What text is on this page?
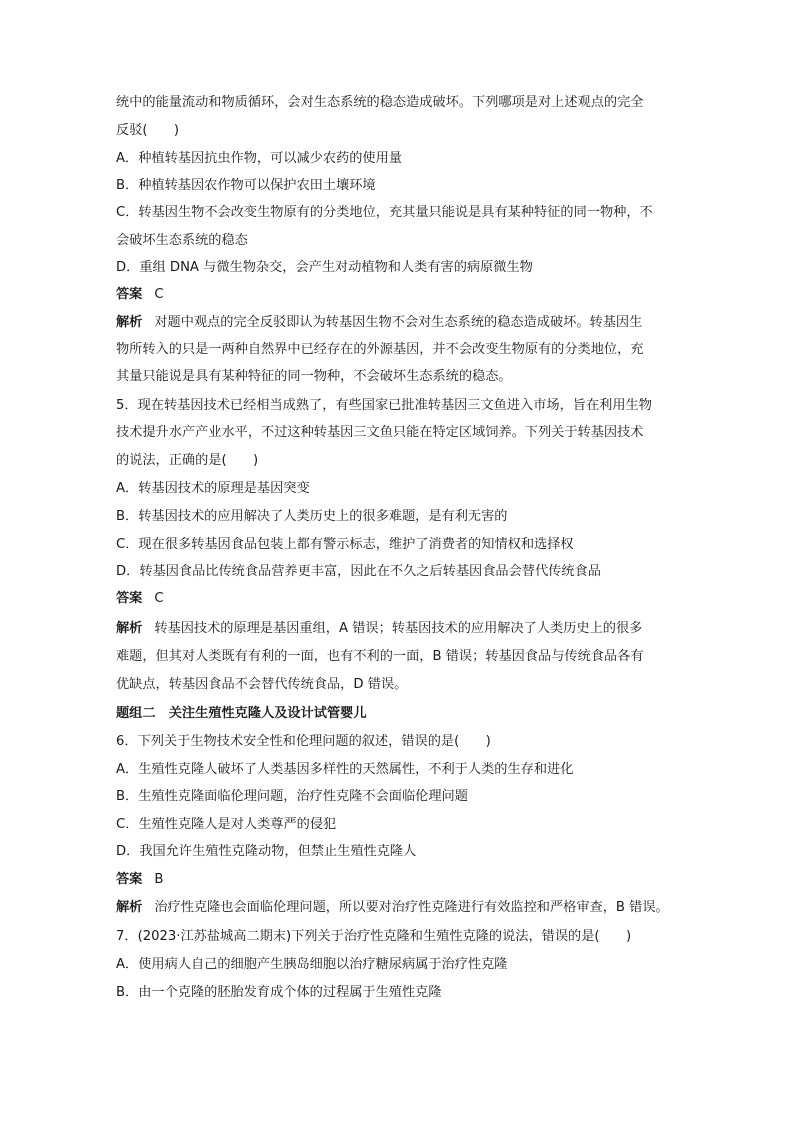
统中的能量流动和物质循环，会对生态系统的稳态造成破坏。下列哪项是对上述观点的完全
反驳(　　)
A．种植转基因抗虫作物，可以减少农药的使用量
B．种植转基因农作物可以保护农田土壤环境
C．转基因生物不会改变生物原有的分类地位，充其量只能说是具有某种特征的同一物种，不
会破坏生态系统的稳态
D．重组 DNA 与微生物杂交，会产生对动植物和人类有害的病原微生物
答案 C
解析 对题中观点的完全反驳即认为转基因生物不会对生态系统的稳态造成破坏。转基因生
物所转入的只是一两种自然界中已经存在的外源基因，并不会改变生物原有的分类地位，充
其量只能说是具有某种特征的同一物种，不会破坏生态系统的稳态。
5．现在转基因技术已经相当成熟了，有些国家已批准转基因三文鱼进入市场，旨在利用生物
技术提升水产产业水平，不过这种转基因三文鱼只能在特定区域饲养。下列关于转基因技术
的说法，正确的是(　　)
A．转基因技术的原理是基因突变
B．转基因技术的应用解决了人类历史上的很多难题，是有利无害的
C．现在很多转基因食品包装上都有警示标志，维护了消费者的知情权和选择权
D．转基因食品比传统食品营养更丰富，因此在不久之后转基因食品会替代传统食品
答案 C
解析 转基因技术的原理是基因重组，A 错误；转基因技术的应用解决了人类历史上的很多
难题，但其对人类既有有利的一面，也有不利的一面，B 错误；转基因食品与传统食品各有
优缺点，转基因食品不会替代传统食品，D 错误。
题组二　关注生殖性克隆人及设计试管婴儿
6．下列关于生物技术安全性和伦理问题的叙述，错误的是(　　)
A．生殖性克隆人破坏了人类基因多样性的天然属性，不利于人类的生存和进化
B．生殖性克隆面临伦理问题，治疗性克隆不会面临伦理问题
C．生殖性克隆人是对人类尊严的侵犯
D．我国允许生殖性克隆动物，但禁止生殖性克隆人
答案 B
解析 治疗性克隆也会面临伦理问题，所以要对治疗性克隆进行有效监控和严格审查，B 错误。
7．(2023·江苏盐城高二期末)下列关于治疗性克隆和生殖性克隆的说法，错误的是(　　)
A．使用病人自己的细胞产生胰岛细胞以治疗糖尿病属于治疗性克隆
B．由一个克隆的胚胎发育成个体的过程属于生殖性克隆
